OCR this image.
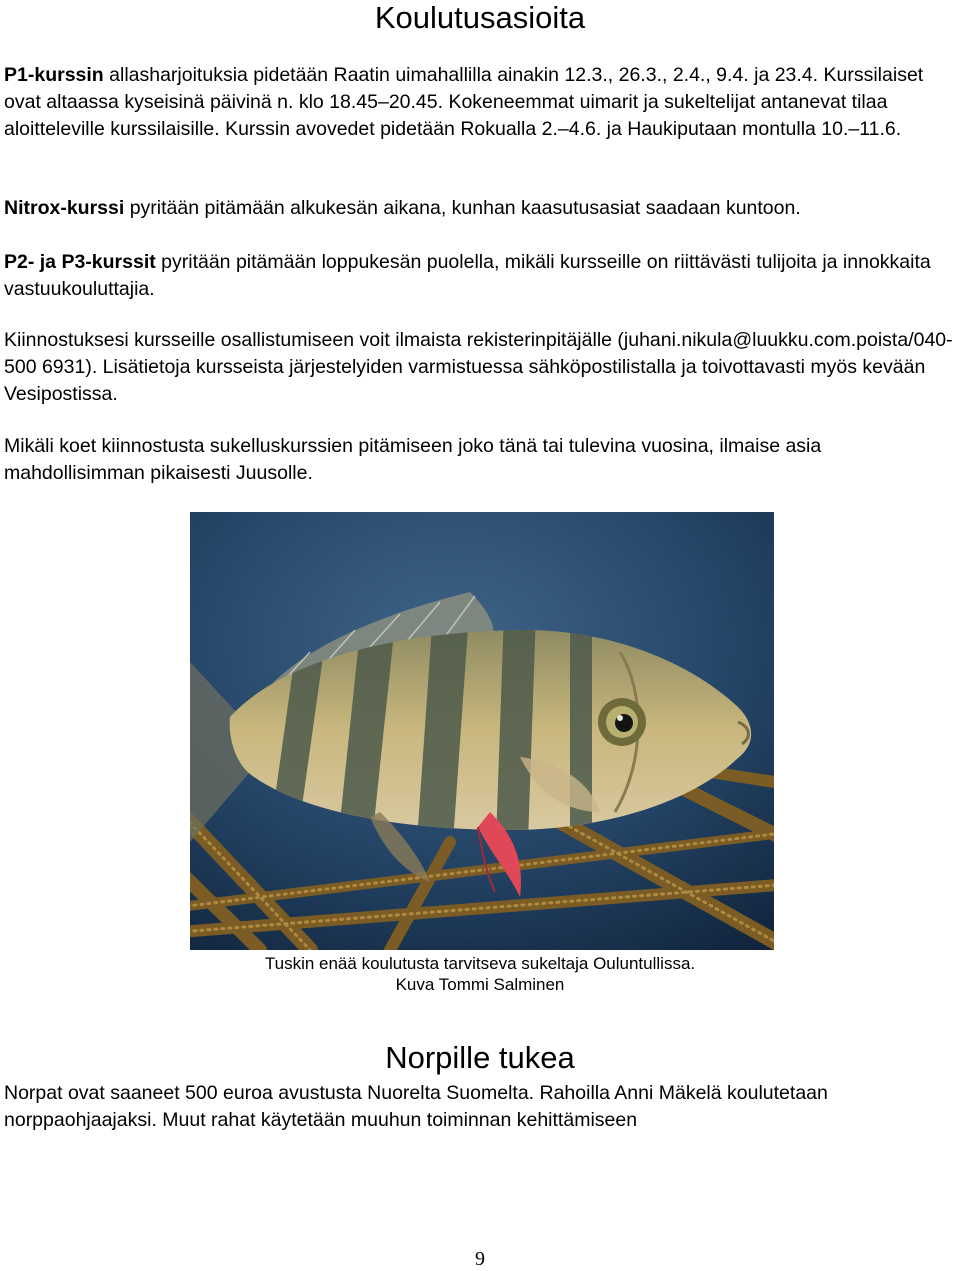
Koulutusasioita

P1-kurssin allasharjoituksia pidetään Raatin uimahallilla ainakin 12.3., 26.3., 2.4., 9.4. ja 23.4. Kurssilaiset ovat altaassa kyseisinä päivinä n. klo 18.45–20.45. Kokeneemmat uimarit ja sukeltelijat antanevat tilaa aloitteleville kurssilaisille. Kurssin avovedet pidetään Rokualla 2.–4.6. ja Haukiputaan montulla 10.–11.6.

Nitrox-kurssi pyritään pitämään alkukesän aikana, kunhan kaasutusasiat saadaan kuntoon.

P2- ja P3-kurssit pyritään pitämään loppukesän puolella, mikäli kursseille on riittävästi tulijoita ja innokkaita vastuukouluttajia.

Kiinnostuksesi kursseille osallistumiseen voit ilmaista rekisterinpitäjälle (juhani.nikula@luukku.com.poista/040-500 6931). Lisätietoja kursseista järjestelyiden varmistuessa sähköpostilistalla ja toivottavasti myös kevään Vesipostissa.

Mikäli koet kiinnostusta sukelluskurssien pitämiseen joko tänä tai tulevina vuosina, ilmaise asia mahdollisimman pikaisesti Juusolle.

Tuskin enää koulutusta tarvitseva sukeltaja Ouluntullissa.

Kuva Tommi Salminen

Norpille tukea

Norpat ovat saaneet 500 euroa avustusta Nuorelta Suomelta. Rahoilla Anni Mäkelä koulutetaan norppaohjaajaksi. Muut rahat käytetään muuhun toiminnan kehittämiseen

9
